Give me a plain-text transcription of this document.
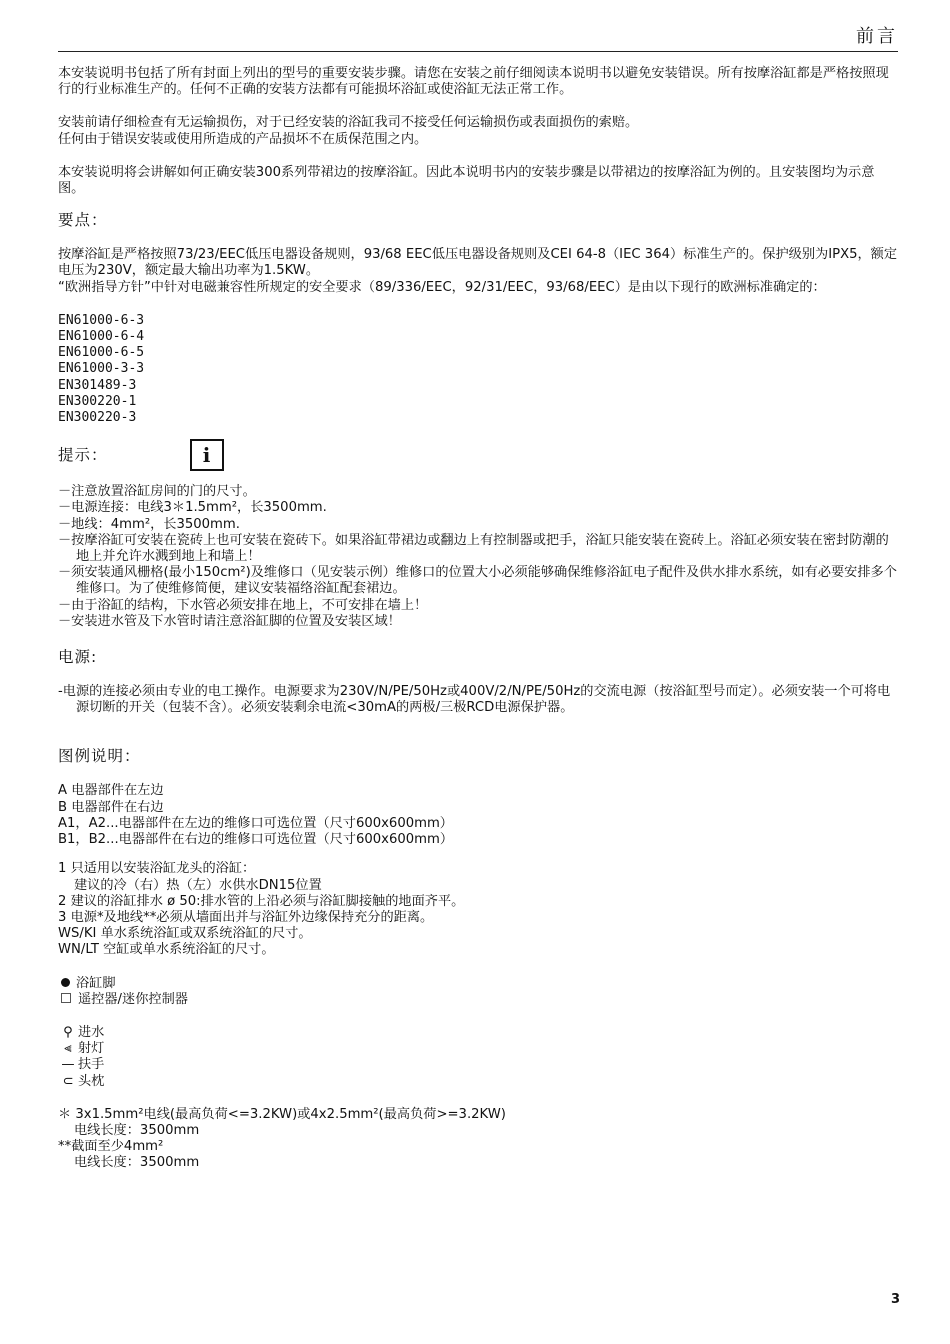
前言

本安装说明书包括了所有封面上列出的型号的重要安装步骤。请您在安装之前仔细阅读本说明书以避免安装错误。所有按摩浴缸都是严格按照现行的行业标准生产的。任何不正确的安装方法都有可能损坏浴缸或使浴缸无法正常工作。

安装前请仔细检查有无运输损伤，对于已经安装的浴缸我司不接受任何运输损伤或表面损伤的索赔。

任何由于错误安装或使用所造成的产品损坏不在质保范围之内。

本安装说明将会讲解如何正确安装300系列带裙边的按摩浴缸。因此本说明书内的安装步骤是以带裙边的按摩浴缸为例的。且安装图均为示意图。

要点：

按摩浴缸是严格按照73/23/EEC低压电器设备规则，93/68 EEC低压电器设备规则及CEI 64-8（IEC 364）标准生产的。保护级别为IPX5，额定电压为230V，额定最大输出功率为1.5KW。

“欧洲指导方针”中针对电磁兼容性所规定的安全要求（89/336/EEC，92/31/EEC，93/68/EEC）是由以下现行的欧洲标准确定的：

EN61000-6-3

EN61000-6-4

EN61000-6-5

EN61000-3-3

EN301489-3

EN300220-1

EN300220-3

提示：	i

－注意放置浴缸房间的门的尺寸。

－电源连接：电线3＊1.5mm²，长3500mm.

－地线：4mm²，长3500mm.

－按摩浴缸可安装在瓷砖上也可安装在瓷砖下。如果浴缸带裙边或翻边上有控制器或把手，浴缸只能安装在瓷砖上。浴缸必须安装在密封防潮的地上并允许水溅到地上和墙上！

－须安装通风栅格(最小150cm²)及维修口（见安装示例）维修口的位置大小必须能够确保维修浴缸电子配件及供水排水系统，如有必要安排多个维修口。为了使维修简便，建议安装福络浴缸配套裙边。

－由于浴缸的结构，下水管必须安排在地上，不可安排在墙上！

－安装进水管及下水管时请注意浴缸脚的位置及安装区域！

电源:

-电源的连接必须由专业的电工操作。电源要求为230V/N/PE/50Hz或400V/2/N/PE/50Hz的交流电源（按浴缸型号而定）。必须安装一个可将电源切断的开关（包装不含）。必须安装剩余电流<30mA的两极/三极RCD电源保护器。

图例说明：

A 电器部件在左边

B 电器部件在右边

A1，A2...电器部件在左边的维修口可选位置（尺寸600x600mm）

B1，B2...电器部件在右边的维修口可选位置（尺寸600x600mm）

1 只适用以安装浴缸龙头的浴缸：

建议的冷（右）热（左）水供水DN15位置

2 建议的浴缸排水 ø 50:排水管的上沿必须与浴缸脚接触的地面齐平。

3 电源*及地线**必须从墙面出并与浴缸外边缘保持充分的距离。

WS/KI 单水系统浴缸或双系统浴缸的尺寸。

WN/LT 空缸或单水系统浴缸的尺寸。

浴缸脚

遥控器/迷你控制器

⚲ 进水

⫷ 射灯

— 扶手

⊂ 头枕

＊ 3x1.5mm²电线(最高负荷<=3.2KW)或4x2.5mm²(最高负荷>=3.2KW)

电线长度：3500mm

**截面至少4mm²

电线长度：3500mm

3
